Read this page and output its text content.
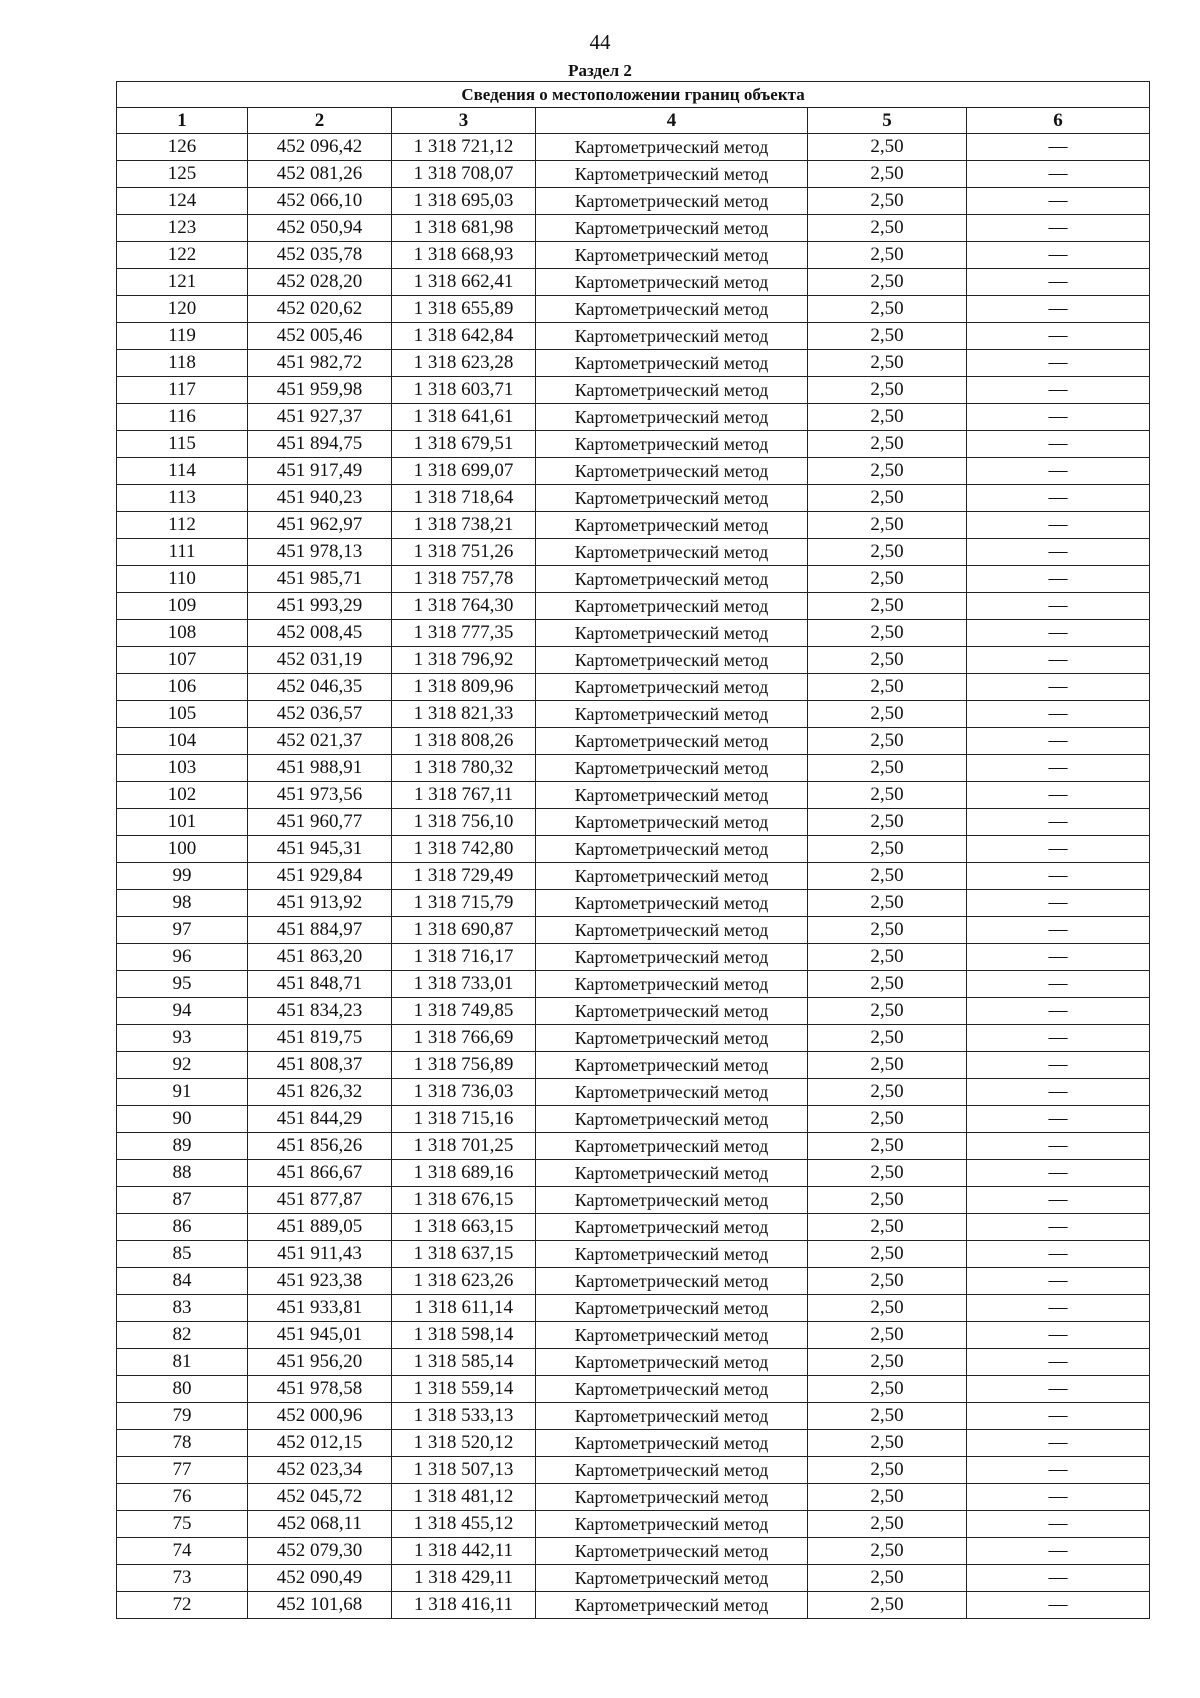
44
Раздел 2
Сведения о местоположении границ объекта					
1	2	3	4	5	6
126	452 096,42	1 318 721,12	Картометрический метод	2,50	—
125	452 081,26	1 318 708,07	Картометрический метод	2,50	—
124	452 066,10	1 318 695,03	Картометрический метод	2,50	—
123	452 050,94	1 318 681,98	Картометрический метод	2,50	—
122	452 035,78	1 318 668,93	Картометрический метод	2,50	—
121	452 028,20	1 318 662,41	Картометрический метод	2,50	—
120	452 020,62	1 318 655,89	Картометрический метод	2,50	—
119	452 005,46	1 318 642,84	Картометрический метод	2,50	—
118	451 982,72	1 318 623,28	Картометрический метод	2,50	—
117	451 959,98	1 318 603,71	Картометрический метод	2,50	—
116	451 927,37	1 318 641,61	Картометрический метод	2,50	—
115	451 894,75	1 318 679,51	Картометрический метод	2,50	—
114	451 917,49	1 318 699,07	Картометрический метод	2,50	—
113	451 940,23	1 318 718,64	Картометрический метод	2,50	—
112	451 962,97	1 318 738,21	Картометрический метод	2,50	—
111	451 978,13	1 318 751,26	Картометрический метод	2,50	—
110	451 985,71	1 318 757,78	Картометрический метод	2,50	—
109	451 993,29	1 318 764,30	Картометрический метод	2,50	—
108	452 008,45	1 318 777,35	Картометрический метод	2,50	—
107	452 031,19	1 318 796,92	Картометрический метод	2,50	—
106	452 046,35	1 318 809,96	Картометрический метод	2,50	—
105	452 036,57	1 318 821,33	Картометрический метод	2,50	—
104	452 021,37	1 318 808,26	Картометрический метод	2,50	—
103	451 988,91	1 318 780,32	Картометрический метод	2,50	—
102	451 973,56	1 318 767,11	Картометрический метод	2,50	—
101	451 960,77	1 318 756,10	Картометрический метод	2,50	—
100	451 945,31	1 318 742,80	Картометрический метод	2,50	—
99	451 929,84	1 318 729,49	Картометрический метод	2,50	—
98	451 913,92	1 318 715,79	Картометрический метод	2,50	—
97	451 884,97	1 318 690,87	Картометрический метод	2,50	—
96	451 863,20	1 318 716,17	Картометрический метод	2,50	—
95	451 848,71	1 318 733,01	Картометрический метод	2,50	—
94	451 834,23	1 318 749,85	Картометрический метод	2,50	—
93	451 819,75	1 318 766,69	Картометрический метод	2,50	—
92	451 808,37	1 318 756,89	Картометрический метод	2,50	—
91	451 826,32	1 318 736,03	Картометрический метод	2,50	—
90	451 844,29	1 318 715,16	Картометрический метод	2,50	—
89	451 856,26	1 318 701,25	Картометрический метод	2,50	—
88	451 866,67	1 318 689,16	Картометрический метод	2,50	—
87	451 877,87	1 318 676,15	Картометрический метод	2,50	—
86	451 889,05	1 318 663,15	Картометрический метод	2,50	—
85	451 911,43	1 318 637,15	Картометрический метод	2,50	—
84	451 923,38	1 318 623,26	Картометрический метод	2,50	—
83	451 933,81	1 318 611,14	Картометрический метод	2,50	—
82	451 945,01	1 318 598,14	Картометрический метод	2,50	—
81	451 956,20	1 318 585,14	Картометрический метод	2,50	—
80	451 978,58	1 318 559,14	Картометрический метод	2,50	—
79	452 000,96	1 318 533,13	Картометрический метод	2,50	—
78	452 012,15	1 318 520,12	Картометрический метод	2,50	—
77	452 023,34	1 318 507,13	Картометрический метод	2,50	—
76	452 045,72	1 318 481,12	Картометрический метод	2,50	—
75	452 068,11	1 318 455,12	Картометрический метод	2,50	—
74	452 079,30	1 318 442,11	Картометрический метод	2,50	—
73	452 090,49	1 318 429,11	Картометрический метод	2,50	—
72	452 101,68	1 318 416,11	Картометрический метод	2,50	—
